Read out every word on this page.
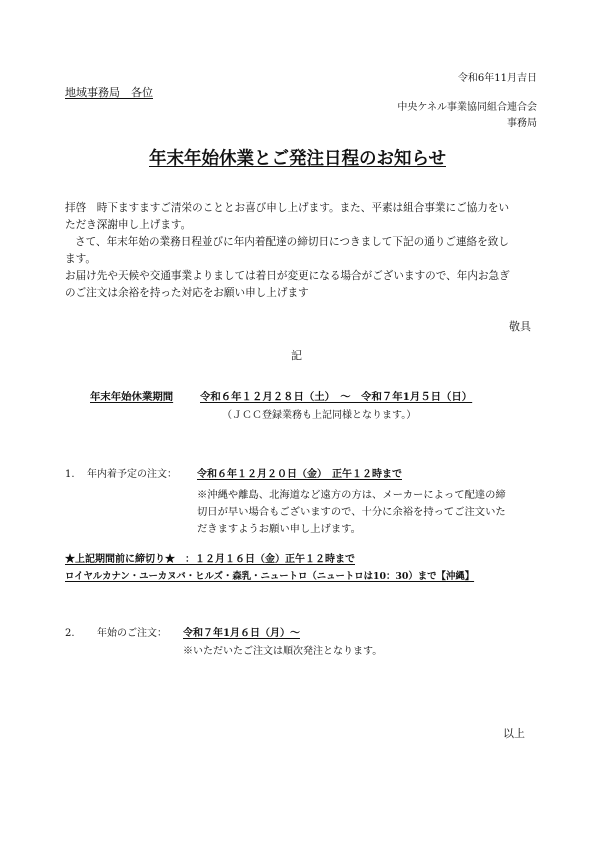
令和6年11月吉日
地域事務局　各位
中央ケネル事業協同組合連合会
事務局
年末年始休業とご発注日程のお知らせ

拝啓　時下ますますご清栄のこととお喜び申し上げます。また、平素は組合事業にご協力をい

ただき深謝申し上げます。

さて、年末年始の業務日程並びに年内着配達の締切日につきまして下記の通りご連絡を致し

ます。

お届け先や天候や交通事業よりましては着日が変更になる場合がございますので、年内お急ぎ

のご注文は余裕を持った対応をお願い申し上げます

敬具
記
年末年始休業期間	令和６年１２月２８日（土）　～　令和７年1月５日（日）
（ＪＣＣ登録業務も上記同様となります。）
1. 年内着予定の注文： 令和６年１２月２０日（金）　正午１２時まで
※沖縄や離島、北海道など遠方の方は、メーカーによって配達の締
切日が早い場合もございますので、十分に余裕を持ってご注文いた
だきますようお願い申し上げます。
★上記期間前に締切り★　：１２月１６日（金）正午１２時まで
ロイヤルカナン・ユーカヌバ・ヒルズ・森乳・ニュートロ（ニュートロは10：30）まで【沖縄】
2. 年始のご注文： 令和７年1月６日（月）～
※いただいたご注文は順次発注となります。
以上
